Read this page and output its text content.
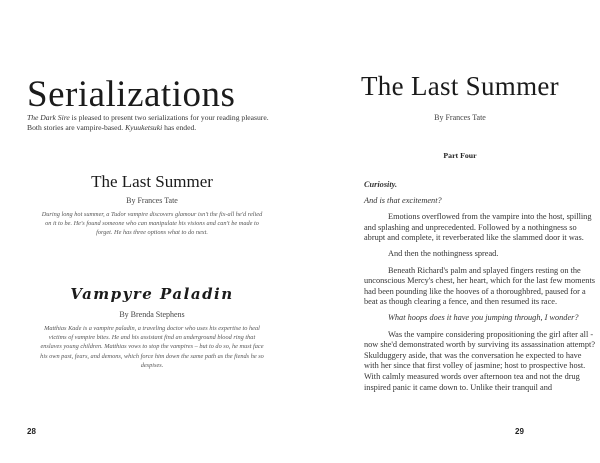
Serializations

The Dark Sire is pleased to present two serializations for your reading pleasure. Both stories are vampire-based. Kyuuketsuki has ended.

The Last Summer

By Frances Tate

During long hot summer, a Tudor vampire discovers glamour isn't the fix-all he'd relied on it to be. He's found someone who can manipulate his visions and can't be made to forget. He has three options what to do next.

Vampyre Paladin

By Brenda Stephens

Matthias Kade is a vampire paladin, a traveling doctor who uses his expertise to heal victims of vampire bites. He and his assistant find an underground blood ring that enslaves young children. Matthias vows to stop the vampires – but to do so, he must face his own past, fears, and demons, which force him down the same path as the fiends he so despises.

28

The Last Summer

By Frances Tate

Part Four

Curiosity.

And is that excitement?

Emotions overflowed from the vampire into the host, spilling and splashing and unprecedented. Followed by a nothingness so abrupt and complete, it reverberated like the slammed door it was.

And then the nothingness spread.

Beneath Richard's palm and splayed fingers resting on the unconscious Mercy's chest, her heart, which for the last few moments had been pounding like the hooves of a thoroughbred, paused for a beat as though clearing a fence, and then resumed its race.

What hoops does it have you jumping through, I wonder?

Was the vampire considering propositioning the girl after all - now she'd demonstrated worth by surviving its assassination attempt? Skulduggery aside, that was the conversation he expected to have with her since that first volley of jasmine; host to prospective host. With calmly measured words over afternoon tea and not the drug inspired panic it came down to. Unlike their tranquil and

29
